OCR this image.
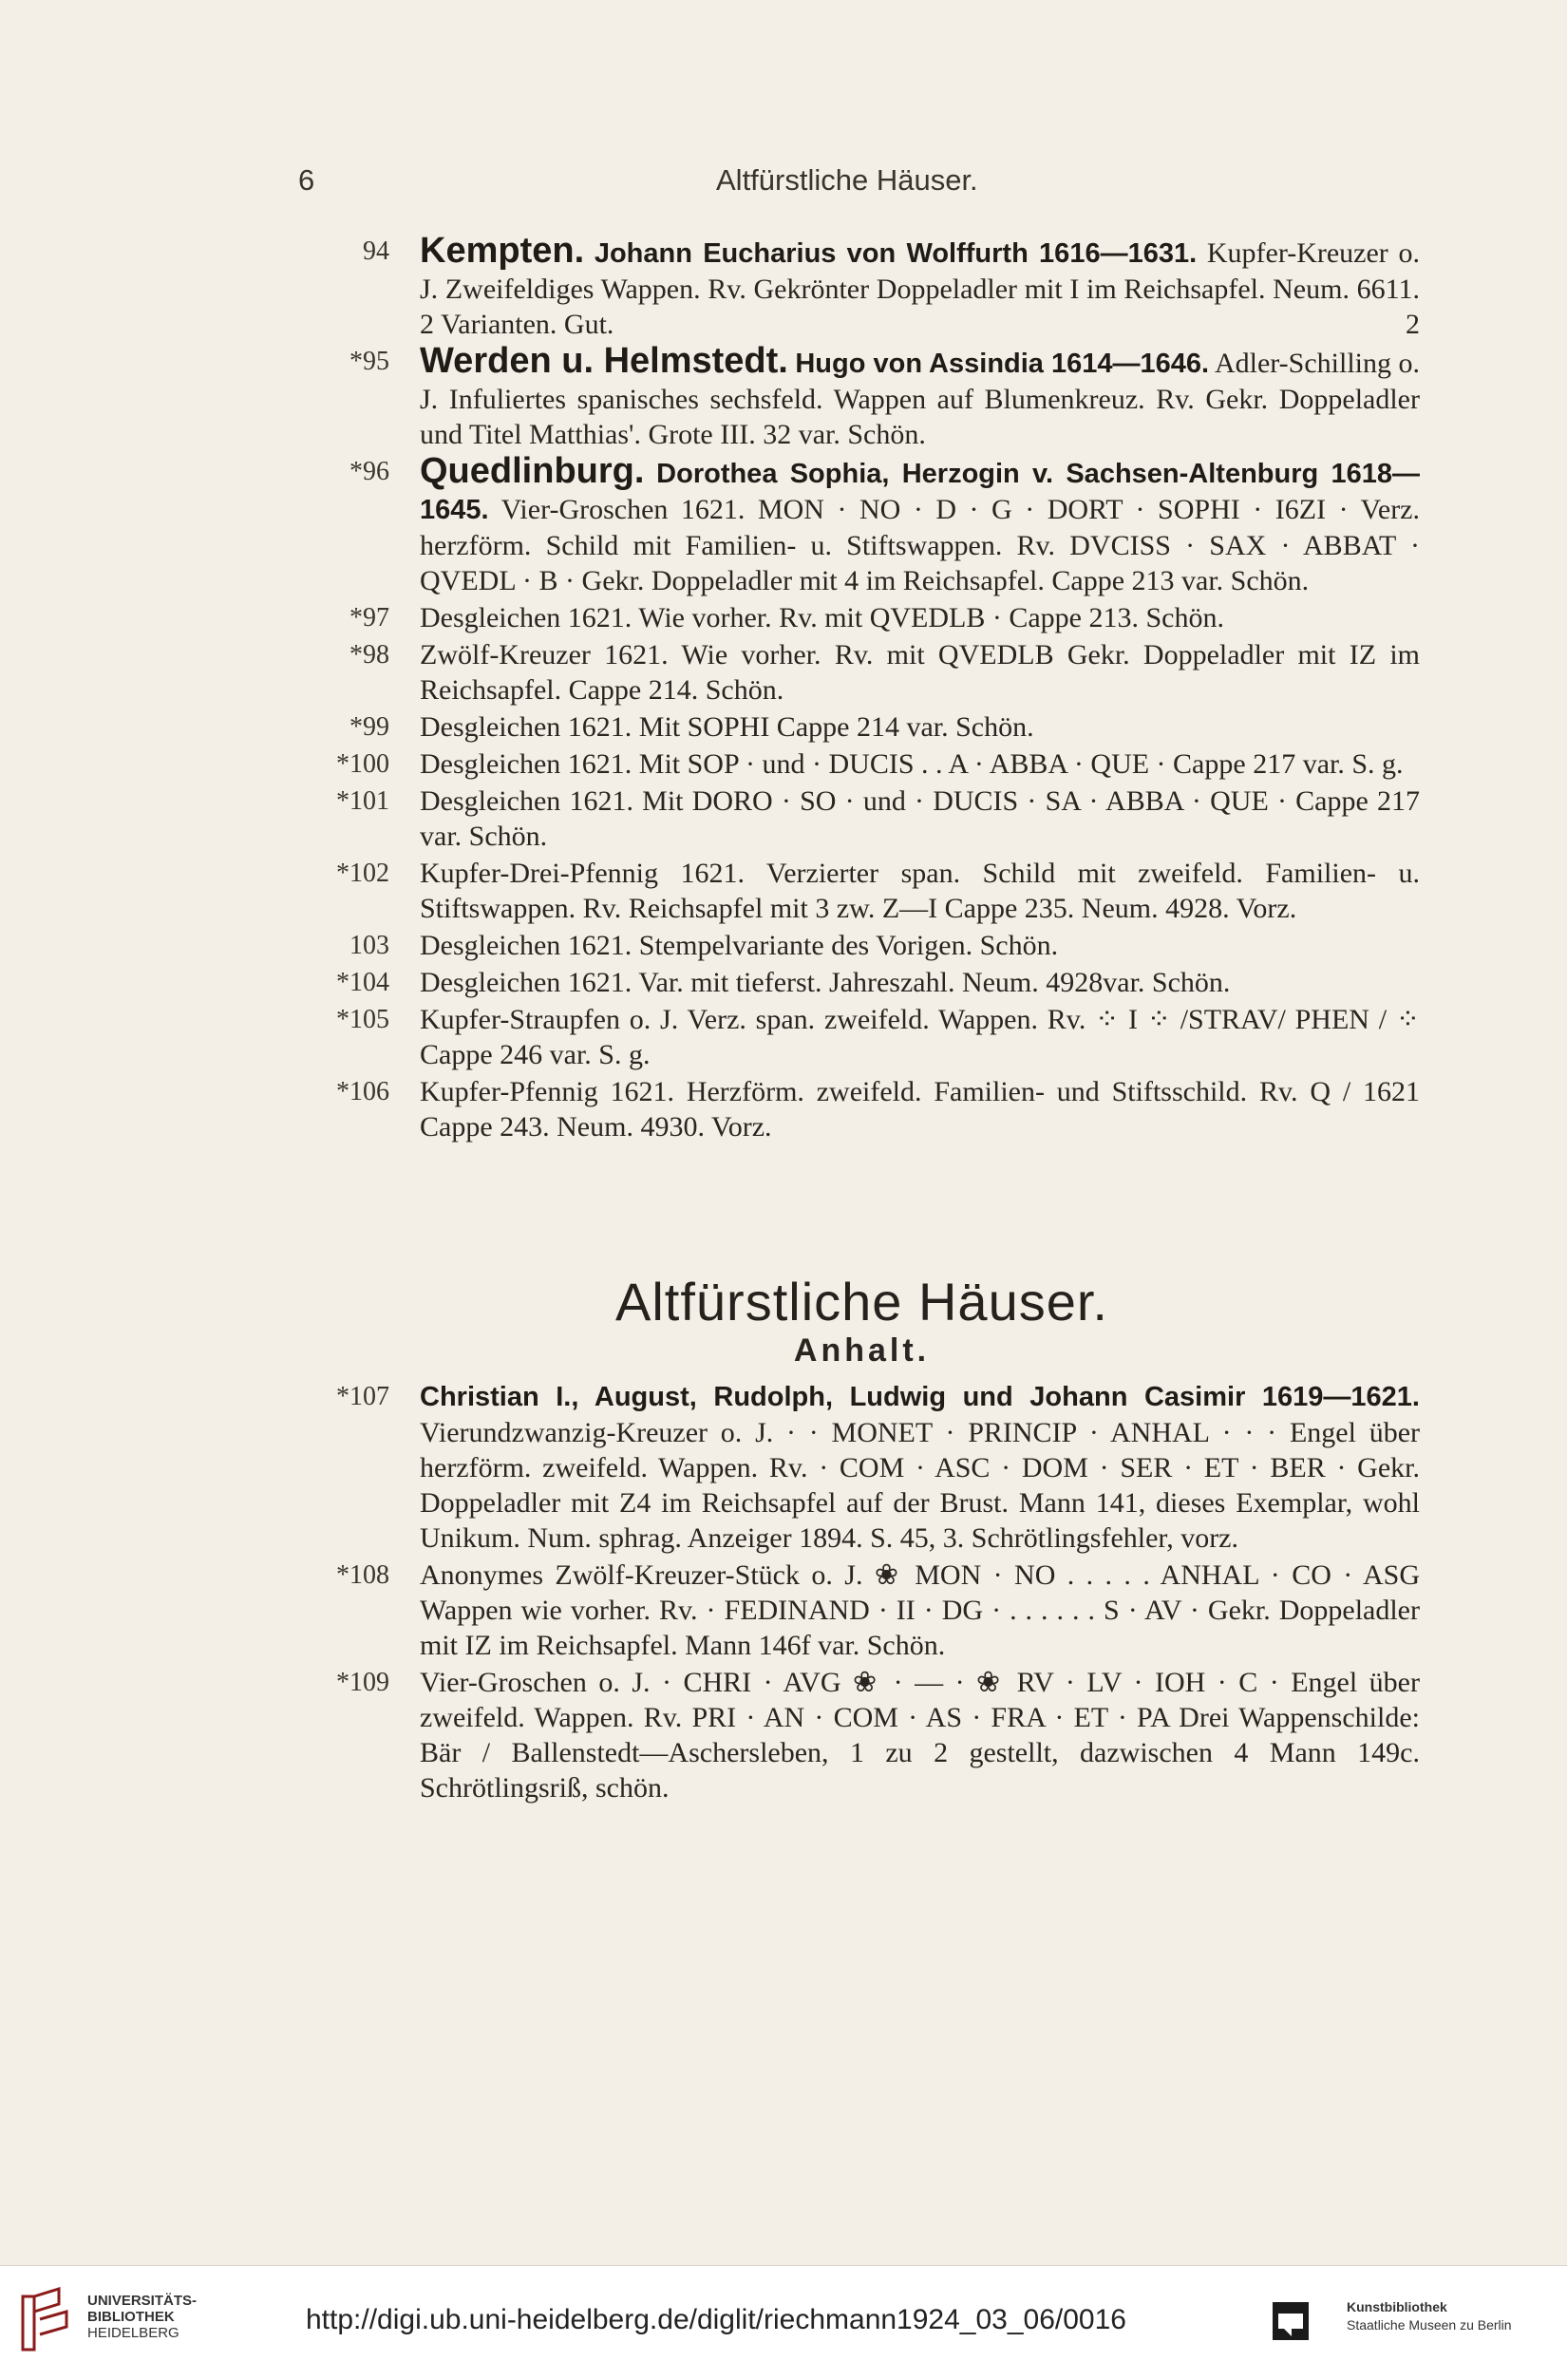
6	Altfürstliche Häuser.
94 Kempten. Johann Eucharius von Wolffurth 1616—1631. Kupfer-Kreuzer o. J. Zweifeldiges Wappen. Rv. Gekrönter Doppeladler mit I im Reichsapfel. Neum. 6611. 2 Varianten. Gut.	2

*95 Werden u. Helmstedt. Hugo von Assindia 1614—1646. Adler-Schilling o. J. Infuliertes spanisches sechsfeld. Wappen auf Blumenkreuz. Rv. Gekr. Doppeladler und Titel Matthias'. Grote III. 32 var. Schön.

*96 Quedlinburg. Dorothea Sophia, Herzogin v. Sachsen-Altenburg 1618—1645. Vier-Groschen 1621. MON · NO · D · G · DORT · SOPHI · I6ZI · Verz. herzförm. Schild mit Familien- u. Stiftswappen. Rv. DVCISS · SAX · ABBAT · QVEDL · B · Gekr. Doppeladler mit 4 im Reichsapfel. Cappe 213 var. Schön.

*97 Desgleichen 1621. Wie vorher. Rv. mit QVEDLB · Cappe 213. Schön.

*98 Zwölf-Kreuzer 1621. Wie vorher. Rv. mit QVEDLB Gekr. Doppeladler mit IZ im Reichsapfel. Cappe 214. Schön.

*99 Desgleichen 1621. Mit SOPHI Cappe 214 var. Schön.

*100 Desgleichen 1621. Mit SOP · und · DUCIS . . A · ABBA · QUE · Cappe 217 var. S. g.

*101 Desgleichen 1621. Mit DORO · SO · und · DUCIS · SA · ABBA · QUE · Cappe 217 var. Schön.

*102 Kupfer-Drei-Pfennig 1621. Verzierter span. Schild mit zweifeld. Familien- u. Stiftswappen. Rv. Reichsapfel mit 3 zw. Z—I Cappe 235. Neum. 4928. Vorz.

103 Desgleichen 1621. Stempelvariante des Vorigen. Schön.

*104 Desgleichen 1621. Var. mit tieferst. Jahreszahl. Neum. 4928var. Schön.

*105 Kupfer-Straupfen o. J. Verz. span. zweifeld. Wappen. Rv. ⁘ I ⁘ /STRAV/ PHEN / ⁘ Cappe 246 var. S. g.

*106 Kupfer-Pfennig 1621. Herzförm. zweifeld. Familien- und Stiftsschild. Rv. Q / 1621 Cappe 243. Neum. 4930. Vorz.

Altfürstliche Häuser.
Anhalt.
*107 Christian I., August, Rudolph, Ludwig und Johann Casimir 1619—1621. Vierundzwanzig-Kreuzer o. J. · · MONET · PRINCIP · ANHAL · · · Engel über herzförm. zweifeld. Wappen. Rv. · COM · ASC · DOM · SER · ET · BER · Gekr. Doppeladler mit Z4 im Reichsapfel auf der Brust. Mann 141, dieses Exemplar, wohl Unikum. Num. sphrag. Anzeiger 1894. S. 45, 3. Schrötlingsfehler, vorz.

*108 Anonymes Zwölf-Kreuzer-Stück o. J. ❀ MON · NO . . . . . ANHAL · CO · ASG Wappen wie vorher. Rv. · FEDINAND · II · DG · . . . . . . S · AV · Gekr. Doppeladler mit IZ im Reichsapfel. Mann 146f var. Schön.

*109 Vier-Groschen o. J. · CHRI · AVG ❀ · — · ❀ RV · LV · IOH · C · Engel über zweifeld. Wappen. Rv. PRI · AN · COM · AS · FRA · ET · PA Drei Wappenschilde: Bär / Ballenstedt—Aschersleben, 1 zu 2 gestellt, dazwischen 4 Mann 149c. Schrötlingsriß, schön.

UNIVERSITÄTS-
BIBLIOTHEK
HEIDELBERG	http://digi.ub.uni-heidelberg.de/diglit/riechmann1924_03_06/0016	Kunstbibliothek
Staatliche Museen zu Berlin
